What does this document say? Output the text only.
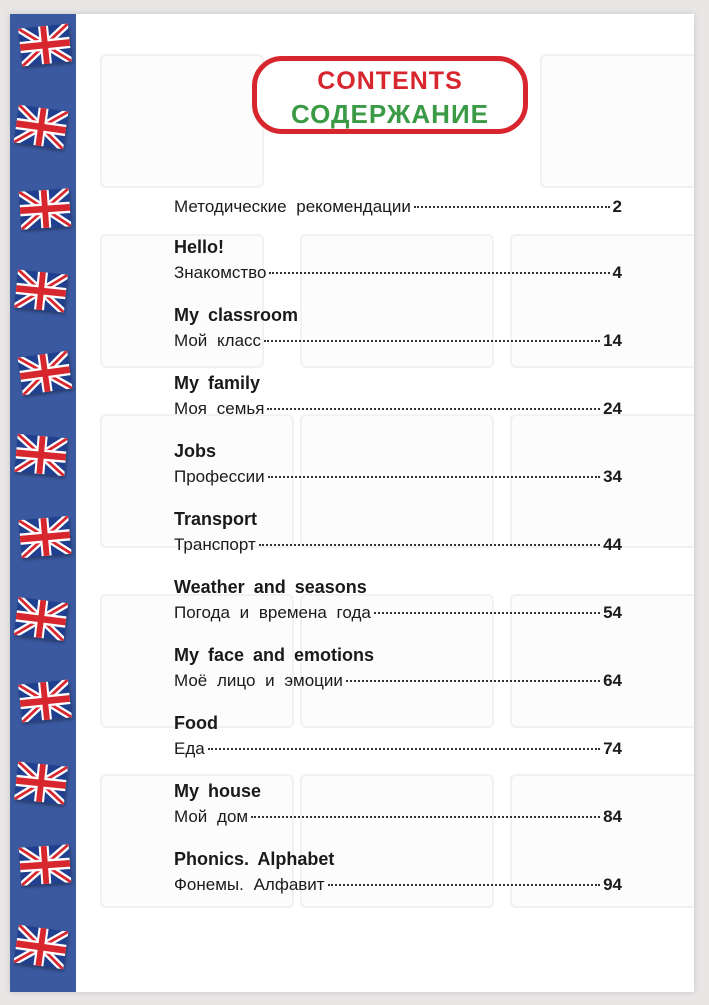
CONTENTS
СОДЕРЖАНИЕ
Методические рекомендации	2
Hello!
Знакомство	4
My classroom
Мой класс	14
My family
Моя семья	24
Jobs
Профессии	34
Transport
Транспорт	44
Weather and seasons
Погода и времена года	54
My face and emotions
Моё лицо и эмоции	64
Food
Еда	74
My house
Мой дом	84
Phonics. Alphabet
Фонемы. Алфавит	94
